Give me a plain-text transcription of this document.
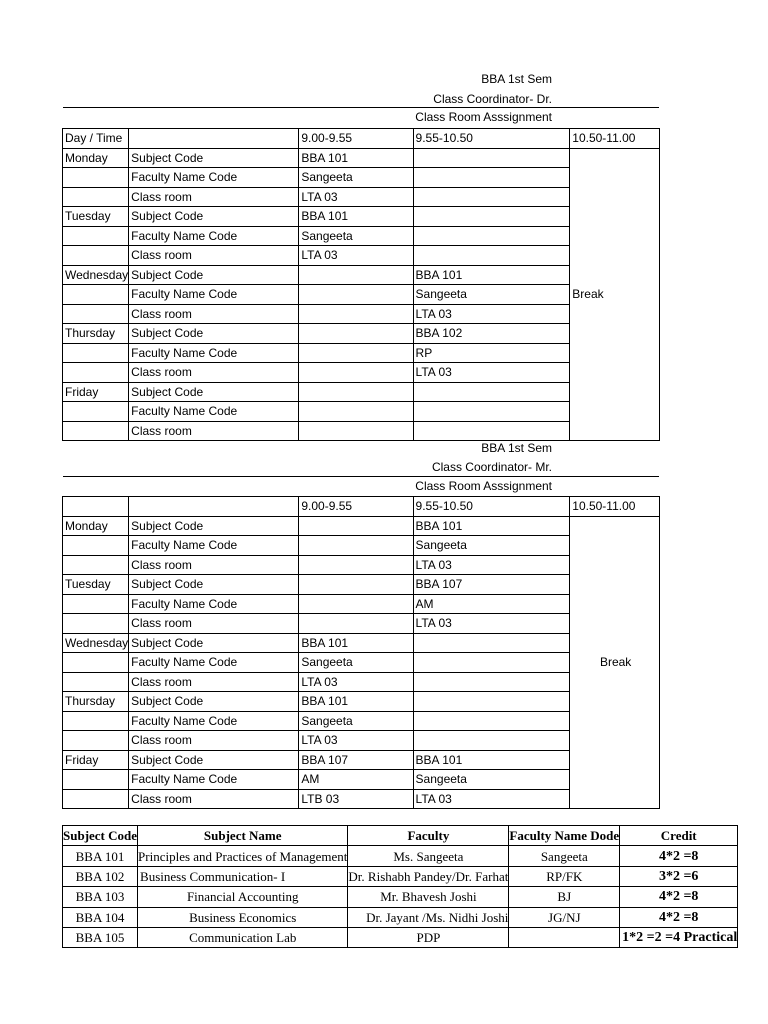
BBA 1st Sem
Class Coordinator- Dr.
Class Room Asssignment
Day / Time		9.00-9.55	9.55-10.50	10.50-11.00
Monday	Subject Code	BBA 101		Break
	Faculty Name Code	Sangeeta		
	Class room	LTA 03		
Tuesday	Subject Code	BBA 101		
	Faculty Name Code	Sangeeta		
	Class room	LTA 03		
Wednesday	Subject Code		BBA 101	
	Faculty Name Code		Sangeeta	
	Class room		LTA 03	
Thursday	Subject Code		BBA 102	
	Faculty Name Code		RP	
	Class room		LTA 03	
Friday	Subject Code			
	Faculty Name Code			
	Class room			
BBA 1st Sem
Class Coordinator- Mr.
Class Room Asssignment
		9.00-9.55	9.55-10.50	10.50-11.00
Monday	Subject Code		BBA 101	Break
	Faculty Name Code		Sangeeta	
	Class room		LTA 03	
Tuesday	Subject Code		BBA 107	
	Faculty Name Code		AM	
	Class room		LTA 03	
Wednesday	Subject Code	BBA 101		
	Faculty Name Code	Sangeeta		
	Class room	LTA 03		
Thursday	Subject Code	BBA 101		
	Faculty Name Code	Sangeeta		
	Class room	LTA 03		
Friday	Subject Code	BBA 107	BBA 101	
	Faculty Name Code	AM	Sangeeta	
	Class room	LTB 03	LTA 03	
Subject Code	Subject Name	Faculty	Faculty Name Dode	Credit
BBA 101	Principles and Practices of Management	Ms. Sangeeta	Sangeeta	4*2 =8
BBA 102	Business Communication- I	Dr. Rishabh Pandey/Dr. Farhat	RP/FK	3*2 =6
BBA 103	Financial Accounting	Mr. Bhavesh Joshi	BJ	4*2 =8
BBA 104	Business Economics	Dr. Jayant /Ms. Nidhi Joshi	JG/NJ	4*2 =8
BBA 105	Communication Lab	PDP		1*2 =2 =4 Practical
